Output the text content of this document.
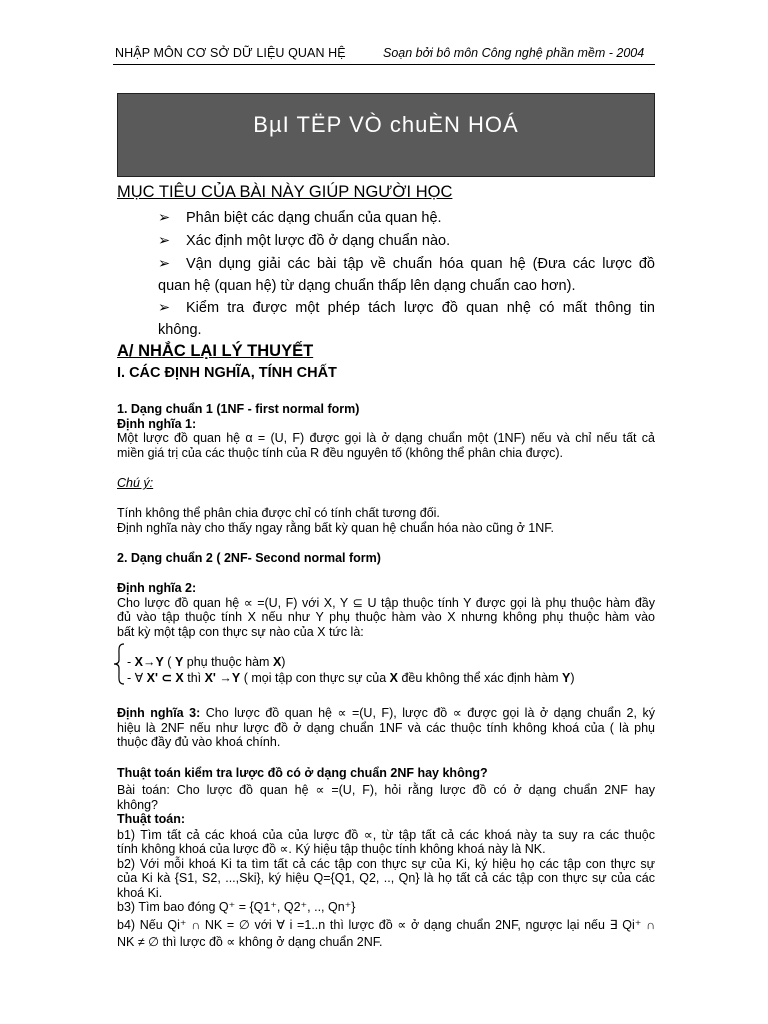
NHẬP MÔN CƠ SỞ DỮ LIỆU QUAN HỆ	Soạn bởi bô môn Công nghệ phần mềm - 2004
BµI TËP VÒ chuÈN HOÁ
MỤC TIÊU CỦA BÀI NÀY GIÚP NGƯỜI HỌC
➢ Phân biệt các dạng chuẩn của quan hệ.
➢ Xác định một lược đồ ở dạng chuẩn nào.
➢ Vận dụng giải các bài tập về chuẩn hóa quan hệ (Đưa các lược đồ
quan hệ (quan hệ) từ dạng chuẩn thấp lên dạng chuẩn cao hơn).
➢ Kiểm tra được một phép tách lược đồ quan nhệ có mất thông tin
không.
A/ NHẮC LẠI LÝ THUYẾT
I. CÁC ĐỊNH NGHĨA, TÍNH CHẤT
1. Dạng chuẩn 1 (1NF - first normal form)
Định nghĩa 1:
Một lược đồ quan hệ α = (U, F) được gọi là ở dạng chuẩn một (1NF) nếu và chỉ nếu tất cả
miền giá trị của các thuộc tính của R đều nguyên tố (không thể phân chia được).
Chú ý:
Tính không thể phân chia được chỉ có tính chất tương đối.
Định nghĩa này cho thấy ngay rằng bất kỳ quan hệ chuẩn hóa nào cũng ở 1NF.
2. Dạng chuẩn 2 ( 2NF- Second normal form)
Định nghĩa 2:
Cho lược đồ quan hệ ∝ =(U, F) với X, Y ⊆ U tập thuộc tính Y được gọi là phụ thuộc hàm đầy
đủ vào tập thuộc tính X nếu như Y phụ thuộc hàm vào X nhưng không phụ thuộc hàm vào
bất kỳ một tập con thực sự nào của X tức là:
- X→Y ( Y phụ thuộc hàm X)
- ∀ X' ⊂ X thì X' →Y ( mọi tập con thực sự của X đều không thể xác định hàm Y)
Định nghĩa 3: Cho lược đồ quan hệ ∝ =(U, F), lược đồ ∝ được gọi là ở dạng chuẩn 2, ký
hiệu là 2NF nếu như lược đồ ở dạng chuẩn 1NF và các thuộc tính không khoá của ( là phụ
thuộc đầy đủ vào khoá chính.
Thuật toán kiểm tra lược đồ có ở dạng chuẩn 2NF hay không?
Bài toán: Cho lược đồ quan hệ ∝ =(U, F), hỏi rằng lược đồ có ở dạng chuẩn 2NF hay
không?
Thuật toán:
b1) Tìm tất cả các khoá của của lược đồ ∝, từ tập tất cả các khoá này ta suy ra các thuộc
tính không khoá của lược đồ ∝. Ký hiệu tập thuộc tính không khoá này là NK.
b2) Với mỗi khoá Ki ta tìm tất cả các tập con thực sự của Ki, ký hiệu họ các tập con thực sự
của Ki kà {S1, S2, ...,Ski}, ký hiệu Q={Q1, Q2, .., Qn} là họ tất cả các tập con thực sự của các
khoá Ki.
b3) Tìm bao đóng Q⁺ = {Q1⁺, Q2⁺, .., Qn⁺}
b4) Nếu Qi⁺ ∩ NK = ∅ với ∀ i =1..n thì lược đồ ∝ ở dạng chuẩn 2NF, ngược lại nếu ∃ Qi⁺ ∩
NK ≠ ∅ thì lược đồ ∝ không ở dạng chuẩn 2NF.
